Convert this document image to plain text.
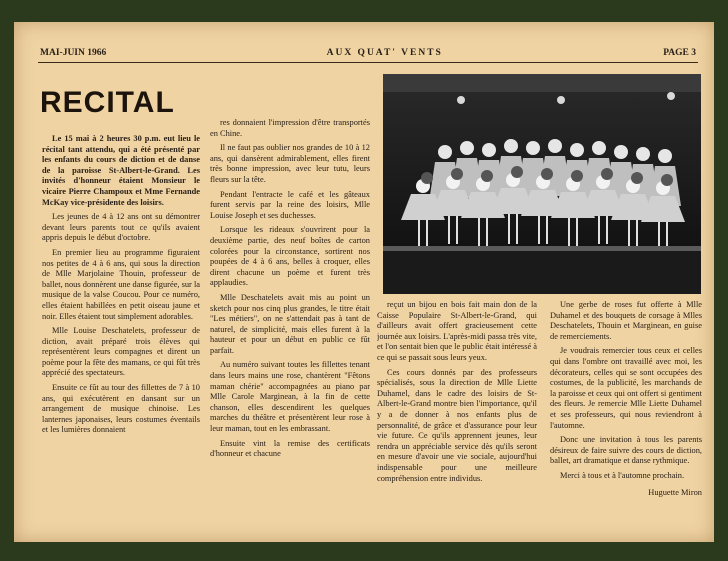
MAI-JUIN 1966	AUX QUAT' VENTS	PAGE 3
RECITAL

Le 15 mai à 2 heures 30 p.m. eut lieu le récital tant attendu, qui a été présenté par les enfants du cours de diction et de danse de la paroisse St-Albert-le-Grand. Les invités d'honneur étaient Monsieur le vicaire Pierre Champoux et Mme Fernande McKay vice-présidente des loisirs.

Les jeunes de 4 à 12 ans ont su démontrer devant leurs parents tout ce qu'ils avaient appris depuis le début d'octobre.

En premier lieu au programme figuraient nos petites de 4 à 6 ans, qui sous la direction de Mlle Marjolaine Thouin, professeur de ballet, nous donnèrent une danse figurée, sur la musique de la valse Coucou. Pour ce numéro, elles étaient habillées en petit oiseau jaune et noir. Elles étaient tout simplement adorables.

Mlle Louise Deschatelets, professeur de diction, avait préparé trois élèves qui représentèrent leurs compagnes et dirent un poème pour la fête des mamans, ce qui fût très apprécié des spectateurs.

Ensuite ce fût au tour des fillettes de 7 à 10 ans, qui exécutèrent en dansant sur un arrangement de musique chinoise. Les lanternes japonaises, leurs costumes éventails et les lumières donnaient

res donnaient l'impression d'être transportés en Chine.

Il ne faut pas oublier nos grandes de 10 à 12 ans, qui dansèrent admirablement, elles firent très bonne impression, avec leur tutu, leurs fleurs sur la tête.

Pendant l'entracte le café et les gâteaux furent servis par la reine des loisirs, Mlle Louise Joseph et ses duchesses.

Lorsque les rideaux s'ouvrirent pour la deuxième partie, des neuf boîtes de carton colorées pour la circonstance, sortirent nos poupées de 4 à 6 ans, belles à croquer, elles dirent chacune un poème et furent très applaudies.

Mlle Deschatelets avait mis au point un sketch pour nos cinq plus grandes, le titre était "Les métiers", on ne s'attendait pas à tant de naturel, de simplicité, mais elles furent à la hauteur et pour un début en public ce fût parfait.

Au numéro suivant toutes les fillettes tenant dans leurs mains une rose, chantèrent "Fêtons maman chérie" accompagnées au piano par Mlle Carole Marginean, à la fin de cette chanson, elles descendirent les quelques marches du théâtre et présentèrent leur rose à leur maman, tout en les embrassant.

Ensuite vint la remise des certificats d'honneur et chacune

reçut un bijou en bois fait main don de la Caisse Populaire St-Albert-le-Grand, qui d'ailleurs avait offert gracieusement cette journée aux loisirs. L'après-midi passa très vite, et l'on sentait bien que le public était intéressé à ce qui se passait sous leurs yeux.

Ces cours donnés par des professeurs spécialisés, sous la direction de Mlle Liette Duhamel, dans le cadre des loisirs de St-Albert-le-Grand montre bien l'importance, qu'il y a de donner à nos enfants plus de personnalité, de grâce et d'assurance pour leur vie future. Ce qu'ils apprennent jeunes, leur rendra un appréciable service dès qu'ils seront en mesure d'avoir une vie sociale, aujourd'hui indispensable pour une meilleure compréhension entre individus.

Une gerbe de roses fut offerte à Mlle Duhamel et des bouquets de corsage à Mlles Deschatelets, Thouin et Marginean, en guise de remerciements.

Je voudrais remercier tous ceux et celles qui dans l'ombre ont travaillé avec moi, les décorateurs, celles qui se sont occupées des costumes, de la publicité, les marchands de la paroisse et ceux qui ont offert si gentiment des fleurs. Je remercie Mlle Liette Duhamel et ses professeurs, qui nous reviendront à l'automne.

Donc une invitation à tous les parents désireux de faire suivre des cours de diction, ballet, art dramatique et danse rythmique.

Merci à tous et à l'automne prochain.

Huguette Miron
